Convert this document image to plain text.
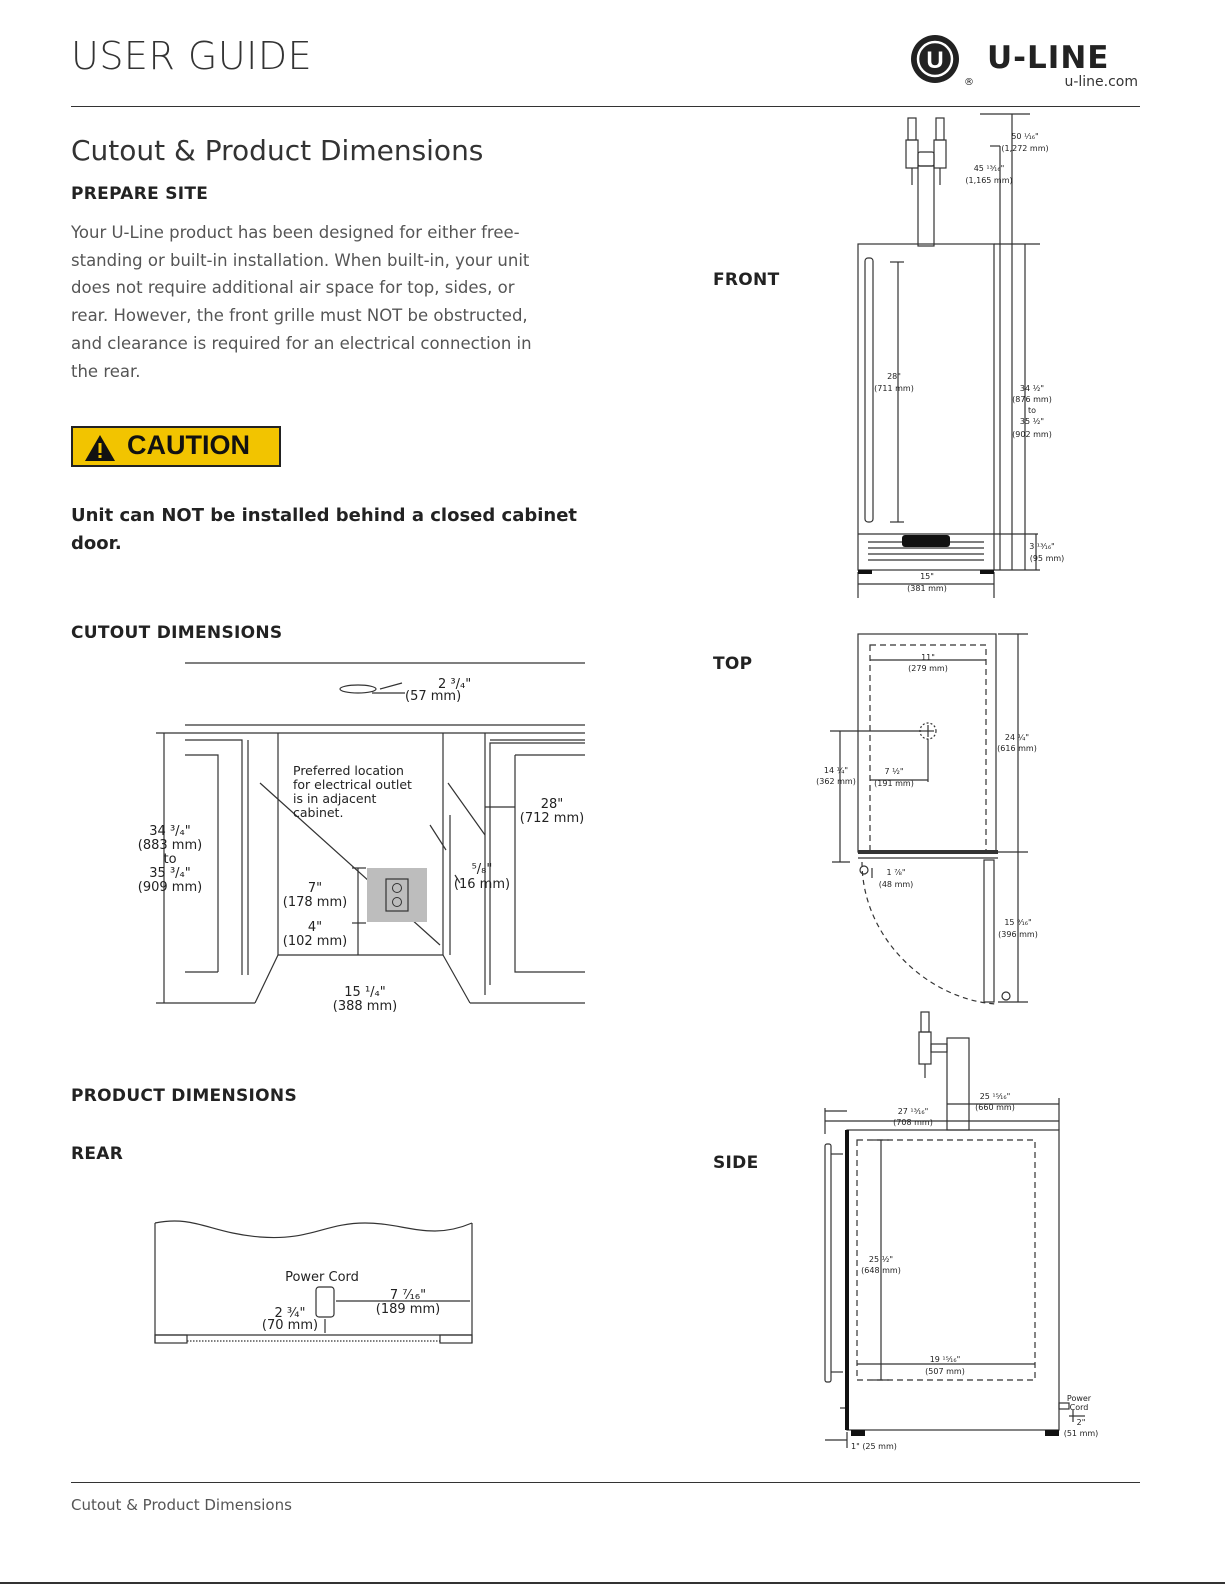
USER GUIDE	U
®
U-LINE
u-line.com
Cutout & Product Dimensions
PREPARE SITE
Your U-Line product has been designed for either free-standing or built-in installation. When built-in, your unit does not require additional air space for top, sides, or rear. However, the front grille must NOT be obstructed, and clearance is required for an electrical connection in the rear.
CAUTION
Unit can NOT be installed behind a closed cabinet door.
CUTOUT DIMENSIONS
PRODUCT DIMENSIONS
REAR
2 ³/₄"
(57 mm)
Preferred location
for electrical outlet
is in adjacent
cabinet.
34 ³/₄"
(883 mm)
to
35 ³/₄"
(909 mm)
28"
(712 mm)
⁵/₈"
(16 mm)
7"
(178 mm)
4"
(102 mm)
15 ¹/₄"
(388 mm)
Power Cord
7 ⁷⁄₁₆"
(189 mm)
2 ¾"
(70 mm)
FRONT
TOP
SIDE
50 ¹⁄₁₆"
(1,272 mm)
45 ¹³⁄₁₆"
(1,165 mm)
28"
(711 mm)	34 ½"
(876 mm)
to
35 ½"
(902 mm)
3 ¹³⁄₁₆"
(95 mm)
15"
(381 mm)
11"
(279 mm)
24 ¼"
(616 mm)
14 ¼"
(362 mm)
7 ½"
(191 mm)
1 ⅞"
(48 mm)
15 ⁹⁄₁₆"
(396 mm)
25 ¹⁵⁄₁₆"
(660 mm)
27 ¹³⁄₁₆"
(708 mm)
25 ½"
(648 mm)
19 ¹⁵⁄₁₆"
(507 mm)
Power
Cord
2"
(51 mm)
1" (25 mm)
Cutout & Product Dimensions
